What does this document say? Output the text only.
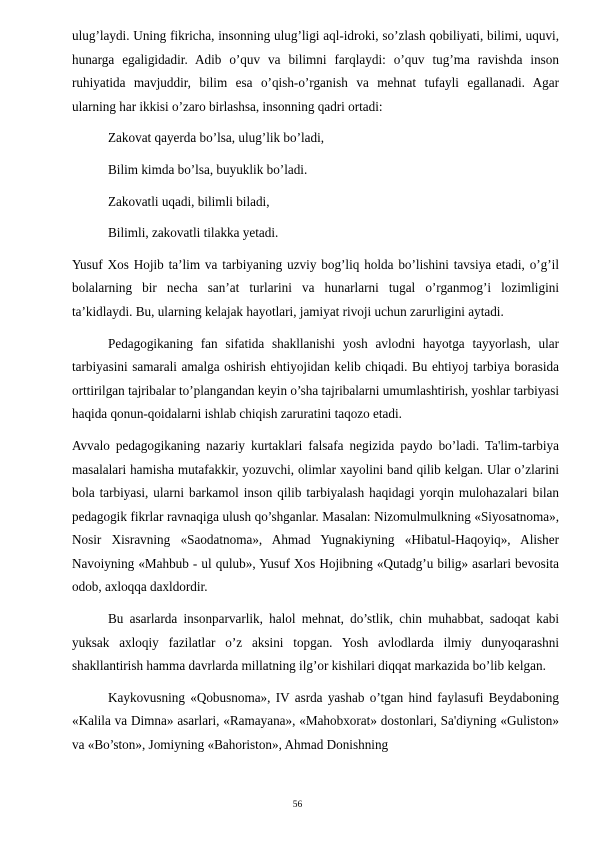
ulug’laydi. Uning fikricha, insonning ulug’ligi aql-idroki, so’zlash qobiliyati, bilimi, uquvi, hunarga egaligidadir. Adib o’quv va bilimni farqlaydi: o’quv tug’ma ravishda inson ruhiyatida mavjuddir, bilim esa o’qish-o’rganish va mehnat tufayli egallanadi. Agar ularning har ikkisi o’zaro birlashsa, insonning qadri ortadi:

Zakovat qayerda bo’lsa, ulug’lik bo’ladi,

Bilim kimda bo’lsa, buyuklik bo’ladi.

Zakovatli uqadi, bilimli biladi,

Bilimli, zakovatli tilakka yetadi.

Yusuf Xos Hojib ta’lim va tarbiyaning uzviy bog’liq holda bo’lishini tavsiya etadi, o’g’il bolalarning bir necha san’at turlarini va hunarlarni tugal o’rganmog’i lozimligini ta’kidlaydi. Bu, ularning kelajak hayotlari, jamiyat rivoji uchun zarurligini aytadi.

Pedagogikaning fan sifatida shakllanishi yosh avlodni hayotga tayyorlash, ular tarbiyasini samarali amalga oshirish ehtiyojidan kelib chiqadi. Bu ehtiyoj tarbiya borasida orttirilgan tajribalar to’plangandan keyin o’sha tajribalarni umumlashtirish, yoshlar tarbiyasi haqida qonun-qoidalarni ishlab chiqish zaruratini taqozo etadi.

Avvalo pedagogikaning nazariy kurtaklari falsafa negizida paydo bo’ladi. Ta'lim-tarbiya masalalari hamisha mutafakkir, yozuvchi, olimlar xayolini band qilib kelgan. Ular o’zlarini bola tarbiyasi, ularni barkamol inson qilib tarbiyalash haqidagi yorqin mulohazalari bilan pedagogik fikrlar ravnaqiga ulush qo’shganlar. Masalan: Nizomulmulkning «Siyosatnoma», Nosir Xisravning «Saodatnoma», Ahmad Yugnakiyning «Hibatul-Haqoyiq», Alisher Navoiyning «Mahbub - ul qulub», Yusuf Xos Hojibning «Qutadg’u bilig» asarlari bevosita odob, axloqqa daxldordir.

Bu asarlarda insonparvarlik, halol mehnat, do’stlik, chin muhabbat, sadoqat kabi yuksak axloqiy fazilatlar o’z aksini topgan. Yosh avlodlarda ilmiy dunyoqarashni shakllantirish hamma davrlarda millatning ilg’or kishilari diqqat markazida bo’lib kelgan.

Kaykovusning «Qobusnoma», IV asrda yashab o’tgan hind faylasufi Beydaboning «Kalila va Dimna» asarlari, «Ramayana», «Mahobxorat» dostonlari, Sa'diyning «Guliston» va «Bo’ston», Jomiyning «Bahoriston», Ahmad Donishning

56
